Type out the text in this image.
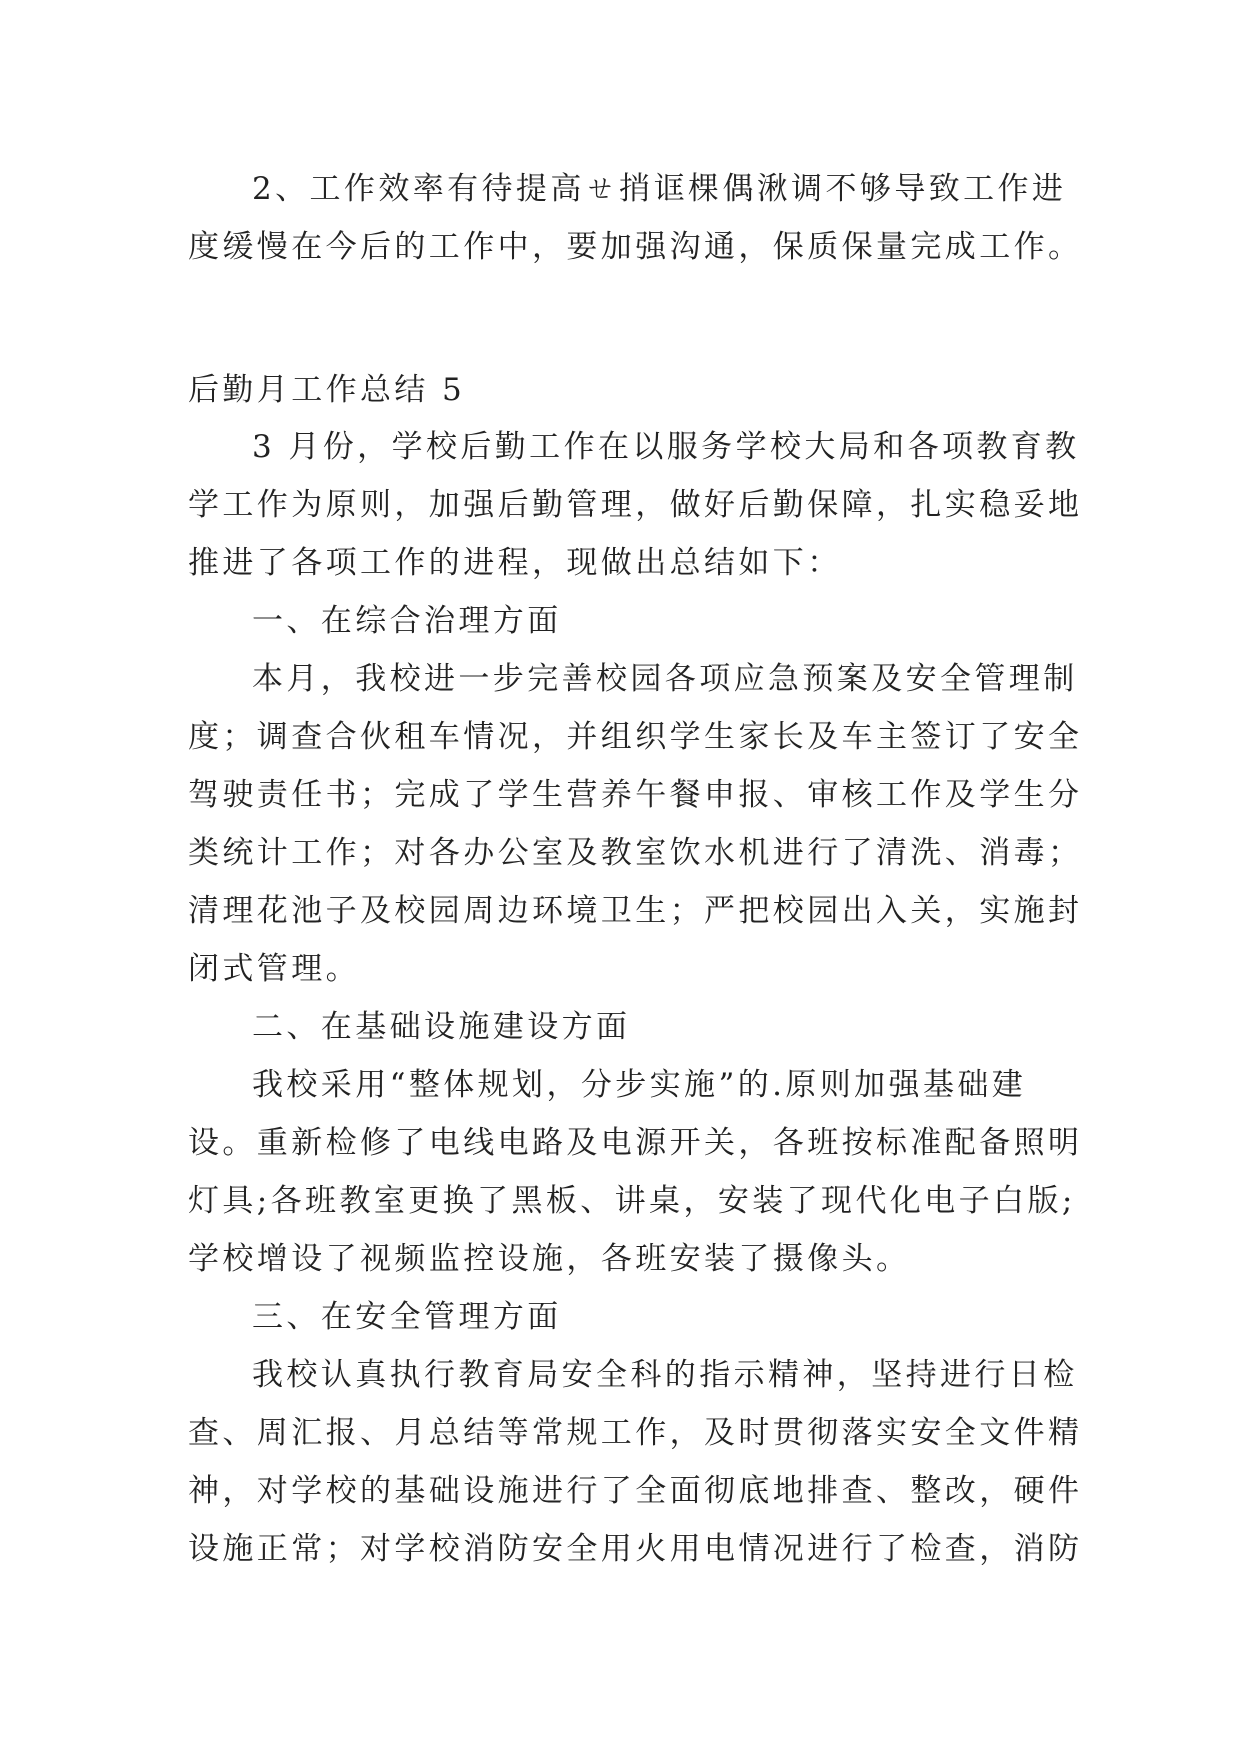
2、工作效率有待提高ㄝ捎诓棵偶湫调不够导致工作进
度缓慢在今后的工作中，要加强沟通，保质保量完成工作。
后勤月工作总结 5
3 月份，学校后勤工作在以服务学校大局和各项教育教
学工作为原则，加强后勤管理，做好后勤保障，扎实稳妥地
推进了各项工作的进程，现做出总结如下：
一、在综合治理方面
本月，我校进一步完善校园各项应急预案及安全管理制
度；调查合伙租车情况，并组织学生家长及车主签订了安全
驾驶责任书；完成了学生营养午餐申报、审核工作及学生分
类统计工作；对各办公室及教室饮水机进行了清洗、消毒；
清理花池子及校园周边环境卫生；严把校园出入关，实施封
闭式管理。
二、在基础设施建设方面
我校采用“整体规划，分步实施”的.原则加强基础建
设。重新检修了电线电路及电源开关，各班按标准配备照明
灯具;各班教室更换了黑板、讲桌，安装了现代化电子白版;
学校增设了视频监控设施，各班安装了摄像头。
三、在安全管理方面
我校认真执行教育局安全科的指示精神，坚持进行日检
查、周汇报、月总结等常规工作，及时贯彻落实安全文件精
神，对学校的基础设施进行了全面彻底地排查、整改，硬件
设施正常；对学校消防安全用火用电情况进行了检查，消防
